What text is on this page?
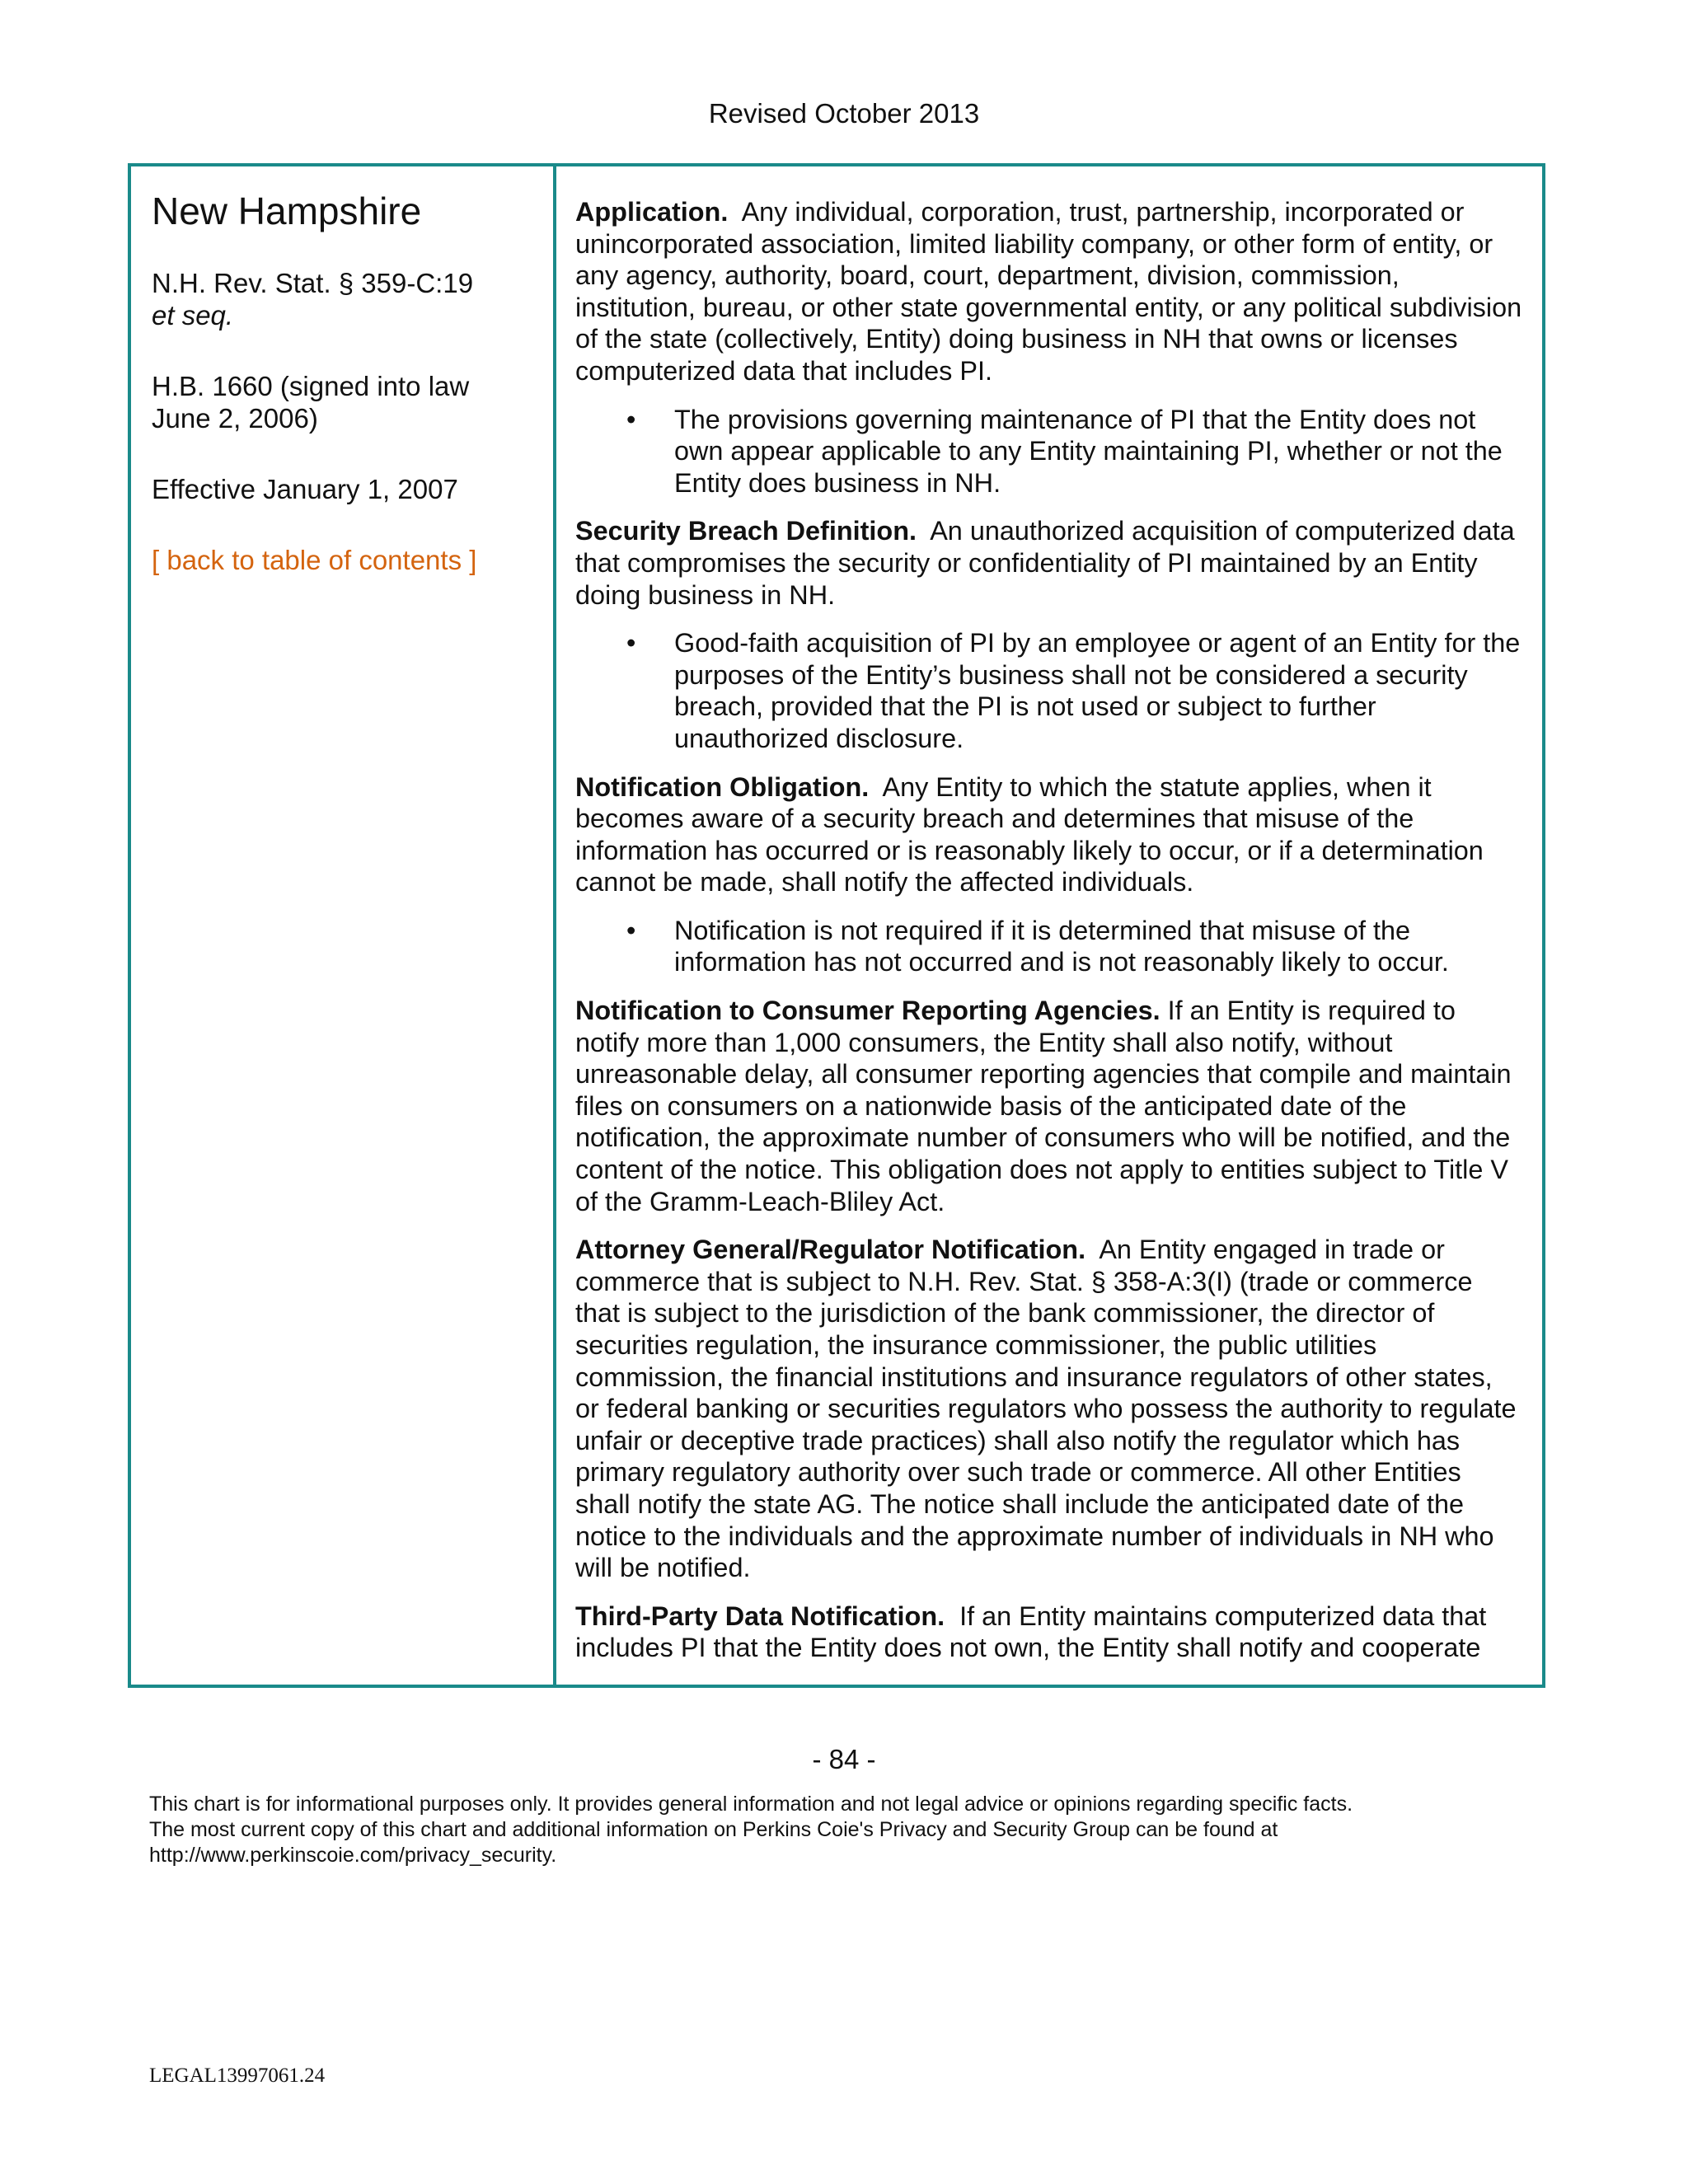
Revised October 2013
New Hampshire
N.H. Rev. Stat. § 359-C:19
et seq.
H.B. 1660 (signed into law
June 2, 2006)
Effective January 1, 2007
[ back to table of contents ]

Application. Any individual, corporation, trust, partnership, incorporated or unincorporated association, limited liability company, or other form of entity, or any agency, authority, board, court, department, division, commission, institution, bureau, or other state governmental entity, or any political subdivision of the state (collectively, Entity) doing business in NH that owns or licenses computerized data that includes PI.

• The provisions governing maintenance of PI that the Entity does not own appear applicable to any Entity maintaining PI, whether or not the Entity does business in NH.

Security Breach Definition. An unauthorized acquisition of computerized data that compromises the security or confidentiality of PI maintained by an Entity doing business in NH.

• Good-faith acquisition of PI by an employee or agent of an Entity for the purposes of the Entity’s business shall not be considered a security breach, provided that the PI is not used or subject to further unauthorized disclosure.

Notification Obligation. Any Entity to which the statute applies, when it becomes aware of a security breach and determines that misuse of the information has occurred or is reasonably likely to occur, or if a determination cannot be made, shall notify the affected individuals.

• Notification is not required if it is determined that misuse of the information has not occurred and is not reasonably likely to occur.

Notification to Consumer Reporting Agencies. If an Entity is required to notify more than 1,000 consumers, the Entity shall also notify, without unreasonable delay, all consumer reporting agencies that compile and maintain files on consumers on a nationwide basis of the anticipated date of the notification, the approximate number of consumers who will be notified, and the content of the notice. This obligation does not apply to entities subject to Title V of the Gramm-Leach-Bliley Act.

Attorney General/Regulator Notification. An Entity engaged in trade or commerce that is subject to N.H. Rev. Stat. § 358-A:3(I) (trade or commerce that is subject to the jurisdiction of the bank commissioner, the director of securities regulation, the insurance commissioner, the public utilities commission, the financial institutions and insurance regulators of other states, or federal banking or securities regulators who possess the authority to regulate unfair or deceptive trade practices) shall also notify the regulator which has primary regulatory authority over such trade or commerce. All other Entities shall notify the state AG. The notice shall include the anticipated date of the notice to the individuals and the approximate number of individuals in NH who will be notified.

Third-Party Data Notification. If an Entity maintains computerized data that includes PI that the Entity does not own, the Entity shall notify and cooperate

- 84 -
This chart is for informational purposes only. It provides general information and not legal advice or opinions regarding specific facts.
The most current copy of this chart and additional information on Perkins Coie's Privacy and Security Group can be found at
http://www.perkinscoie.com/privacy_security.
LEGAL13997061.24
